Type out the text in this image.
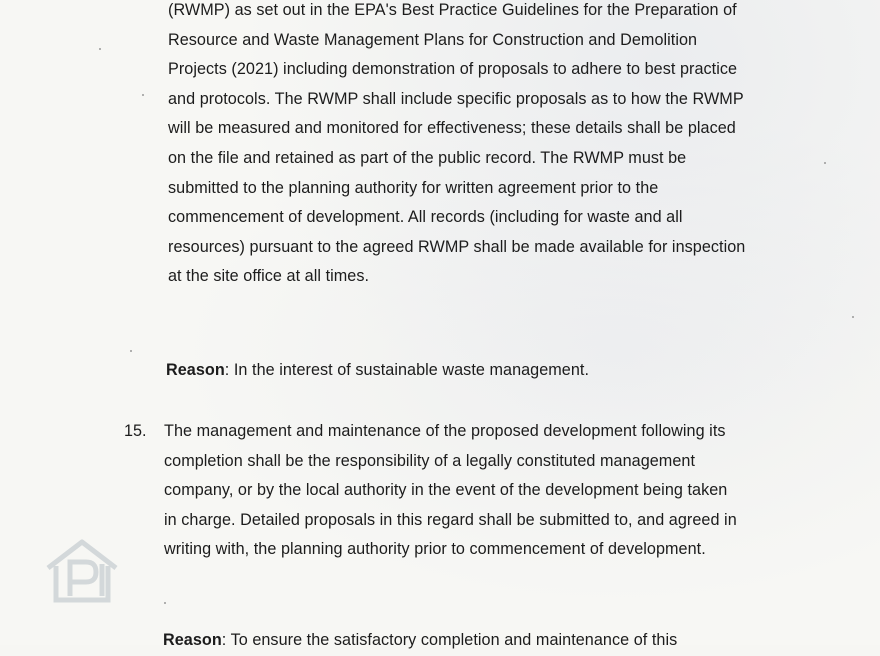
(RWMP) as set out in the EPA's Best Practice Guidelines for the Preparation of Resource and Waste Management Plans for Construction and Demolition Projects (2021) including demonstration of proposals to adhere to best practice and protocols. The RWMP shall include specific proposals as to how the RWMP will be measured and monitored for effectiveness; these details shall be placed on the file and retained as part of the public record. The RWMP must be submitted to the planning authority for written agreement prior to the commencement of development. All records (including for waste and all resources) pursuant to the agreed RWMP shall be made available for inspection at the site office at all times.

Reason: In the interest of sustainable waste management.

15. The management and maintenance of the proposed development following its completion shall be the responsibility of a legally constituted management company, or by the local authority in the event of the development being taken in charge. Detailed proposals in this regard shall be submitted to, and agreed in writing with, the planning authority prior to commencement of development.

Reason: To ensure the satisfactory completion and maintenance of this
